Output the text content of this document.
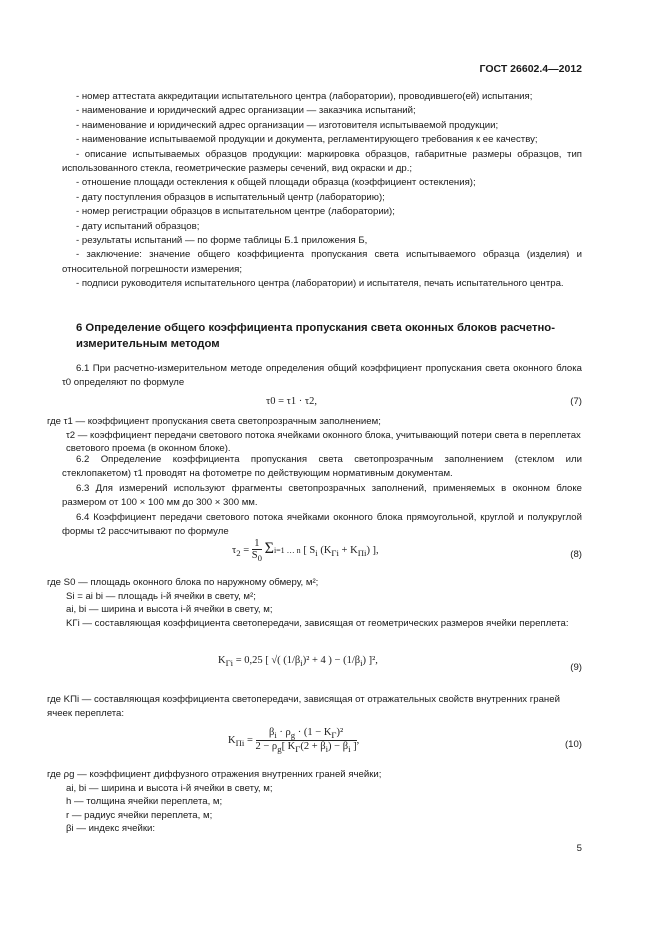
ГОСТ 26602.4—2012

- номер аттестата аккредитации испытательного центра (лаборатории), проводившего(ей) испытания;

- наименование и юридический адрес организации — заказчика испытаний;

- наименование и юридический адрес организации — изготовителя испытываемой продукции;

- наименование испытываемой продукции и документа, регламентирующего требования к ее качеству;

- описание испытываемых образцов продукции: маркировка образцов, габаритные размеры образцов, тип использованного стекла, геометрические размеры сечений, вид окраски и др.;

- отношение площади остекления к общей площади образца (коэффициент остекления);

- дату поступления образцов в испытательный центр (лабораторию);

- номер регистрации образцов в испытательном центре (лаборатории);

- дату испытаний образцов;

- результаты испытаний — по форме таблицы Б.1 приложения Б,

- заключение: значение общего коэффициента пропускания света испытываемого образца (изделия) и относительной погрешности измерения;

- подписи руководителя испытательного центра (лаборатории) и испытателя, печать испытательного центра.

6 Определение общего коэффициента пропускания света оконных блоков расчетно-измерительным методом

6.1 При расчетно-измерительном методе определения общий коэффициент пропускания света оконного блока τ0 определяют по формуле

τ0 = τ1 · τ2,	(7)

где τ1 — коэффициент пропускания света светопрозрачным заполнением;

τ2 — коэффициент передачи светового потока ячейками оконного блока, учитывающий потери света в переплетах светового проема (в оконном блоке).

6.2 Определение коэффициента пропускания света светопрозрачным заполнением (стеклом или стеклопакетом) τ1 проводят на фотометре по действующим нормативным документам.

6.3 Для измерений используют фрагменты светопрозрачных заполнений, применяемых в оконном блоке размером от 100 × 100 мм до 300 × 300 мм.

6.4 Коэффициент передачи светового потока ячейками оконного блока прямоугольной, круглой и полукруглой формы τ2 рассчитывают по формуле

$\tau_2 = \frac{1}{S_0} \Sigma i=1$ … n [ $S_i$ $(K_{Гi} + K_{Пi})$ ],	(8)

где S0 — площадь оконного блока по наружному обмеру, м²;

Si = ai bi — площадь i-й ячейки в свету, м²;

ai, bi — ширина и высота i-й ячейки в свету, м;

KГi — составляющая коэффициента светопередачи, зависящая от геометрических размеров ячейки переплета:

$K_{Гi} = 0,25$ [ √( $(1/\beta_i)^2 + 4$ ) − $(1/\beta_i)$ ]²,
(9)

где KПi — составляющая коэффициента светопередачи, зависящая от отражательных свойств внутренних граней ячеек переплета:

$K_{Пi} = \frac{\beta_i \cdot \rho_g \cdot (1 - K_Г)^2}{2 - \rho_g[ K_Г(2 + \beta_i) - \beta_i ]}$ ,	(10)

где ρg — коэффициент диффузного отражения внутренних граней ячейки;

ai, bi — ширина и высота i-й ячейки в свету, м;

h — толщина ячейки переплета, м;

r — радиус ячейки переплета, м;

βi — индекс ячейки:

5
